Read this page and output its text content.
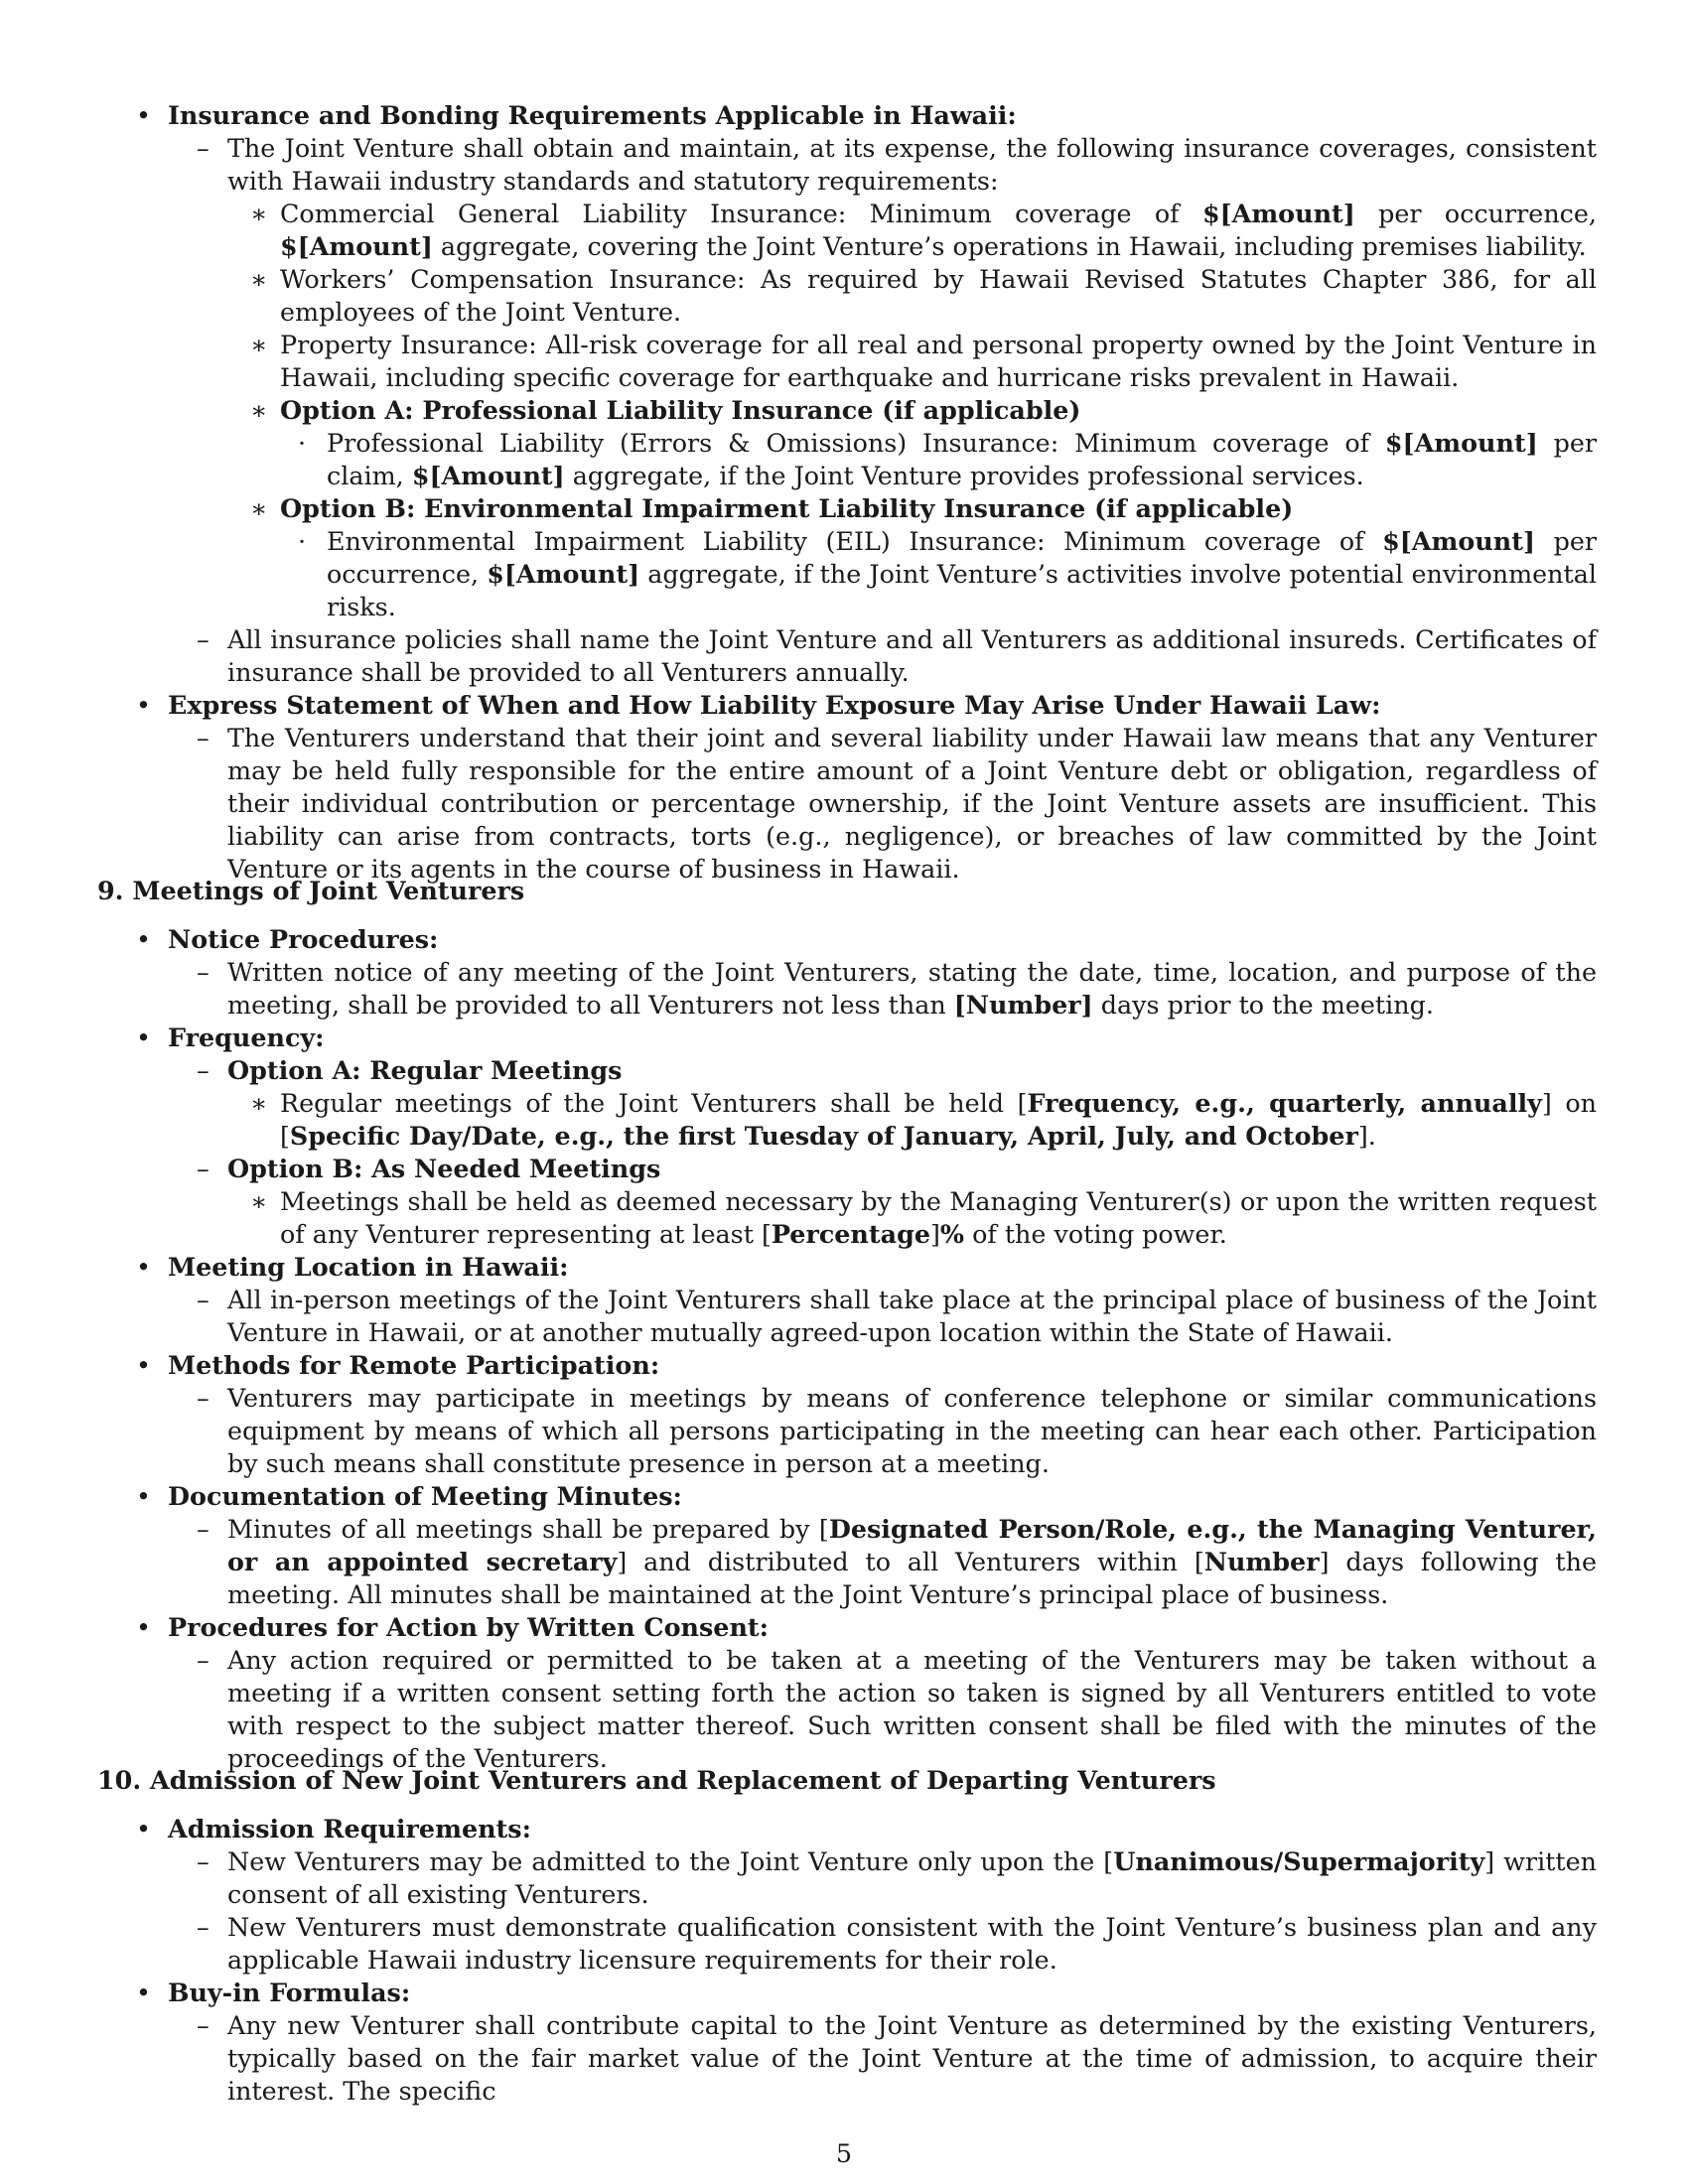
• Insurance and Bonding Requirements Applicable in Hawaii:
– The Joint Venture shall obtain and maintain, at its expense, the following insurance coverages, consistent with Hawaii industry standards and statutory requirements:
∗ Commercial General Liability Insurance: Minimum coverage of $[Amount] per occurrence, $[Amount] aggregate, covering the Joint Venture’s operations in Hawaii, including premises liability.
∗ Workers’ Compensation Insurance: As required by Hawaii Revised Statutes Chapter 386, for all employees of the Joint Venture.
∗ Property Insurance: All-risk coverage for all real and personal property owned by the Joint Venture in Hawaii, including specific coverage for earthquake and hurricane risks prevalent in Hawaii.
∗ Option A: Professional Liability Insurance (if applicable)
· Professional Liability (Errors & Omissions) Insurance: Minimum coverage of $[Amount] per claim, $[Amount] aggregate, if the Joint Venture provides professional services.
∗ Option B: Environmental Impairment Liability Insurance (if applicable)
· Environmental Impairment Liability (EIL) Insurance: Minimum coverage of $[Amount] per occurrence, $[Amount] aggregate, if the Joint Venture’s activities involve potential environmental risks.
– All insurance policies shall name the Joint Venture and all Venturers as additional insureds. Certificates of insurance shall be provided to all Venturers annually.
• Express Statement of When and How Liability Exposure May Arise Under Hawaii Law:
– The Venturers understand that their joint and several liability under Hawaii law means that any Venturer may be held fully responsible for the entire amount of a Joint Venture debt or obligation, regardless of their individual contribution or percentage ownership, if the Joint Venture assets are insufficient. This liability can arise from contracts, torts (e.g., negligence), or breaches of law committed by the Joint Venture or its agents in the course of business in Hawaii.
9. Meetings of Joint Venturers
• Notice Procedures:
– Written notice of any meeting of the Joint Venturers, stating the date, time, location, and purpose of the meeting, shall be provided to all Venturers not less than [Number] days prior to the meeting.
• Frequency:
– Option A: Regular Meetings
∗ Regular meetings of the Joint Venturers shall be held [Frequency, e.g., quarterly, annually] on [Specific Day/Date, e.g., the first Tuesday of January, April, July, and October].
– Option B: As Needed Meetings
∗ Meetings shall be held as deemed necessary by the Managing Venturer(s) or upon the written request of any Venturer representing at least [Percentage]% of the voting power.
• Meeting Location in Hawaii:
– All in-person meetings of the Joint Venturers shall take place at the principal place of business of the Joint Venture in Hawaii, or at another mutually agreed-upon location within the State of Hawaii.
• Methods for Remote Participation:
– Venturers may participate in meetings by means of conference telephone or similar communications equipment by means of which all persons participating in the meeting can hear each other. Participation by such means shall constitute presence in person at a meeting.
• Documentation of Meeting Minutes:
– Minutes of all meetings shall be prepared by [Designated Person/Role, e.g., the Managing Venturer, or an appointed secretary] and distributed to all Venturers within [Number] days following the meeting. All minutes shall be maintained at the Joint Venture’s principal place of business.
• Procedures for Action by Written Consent:
– Any action required or permitted to be taken at a meeting of the Venturers may be taken without a meeting if a written consent setting forth the action so taken is signed by all Venturers entitled to vote with respect to the subject matter thereof. Such written consent shall be filed with the minutes of the proceedings of the Venturers.
10. Admission of New Joint Venturers and Replacement of Departing Venturers
• Admission Requirements:
– New Venturers may be admitted to the Joint Venture only upon the [Unanimous/Supermajority] written consent of all existing Venturers.
– New Venturers must demonstrate qualification consistent with the Joint Venture’s business plan and any applicable Hawaii industry licensure requirements for their role.
• Buy-in Formulas:
– Any new Venturer shall contribute capital to the Joint Venture as determined by the existing Venturers, typically based on the fair market value of the Joint Venture at the time of admission, to acquire their interest. The specific
5
